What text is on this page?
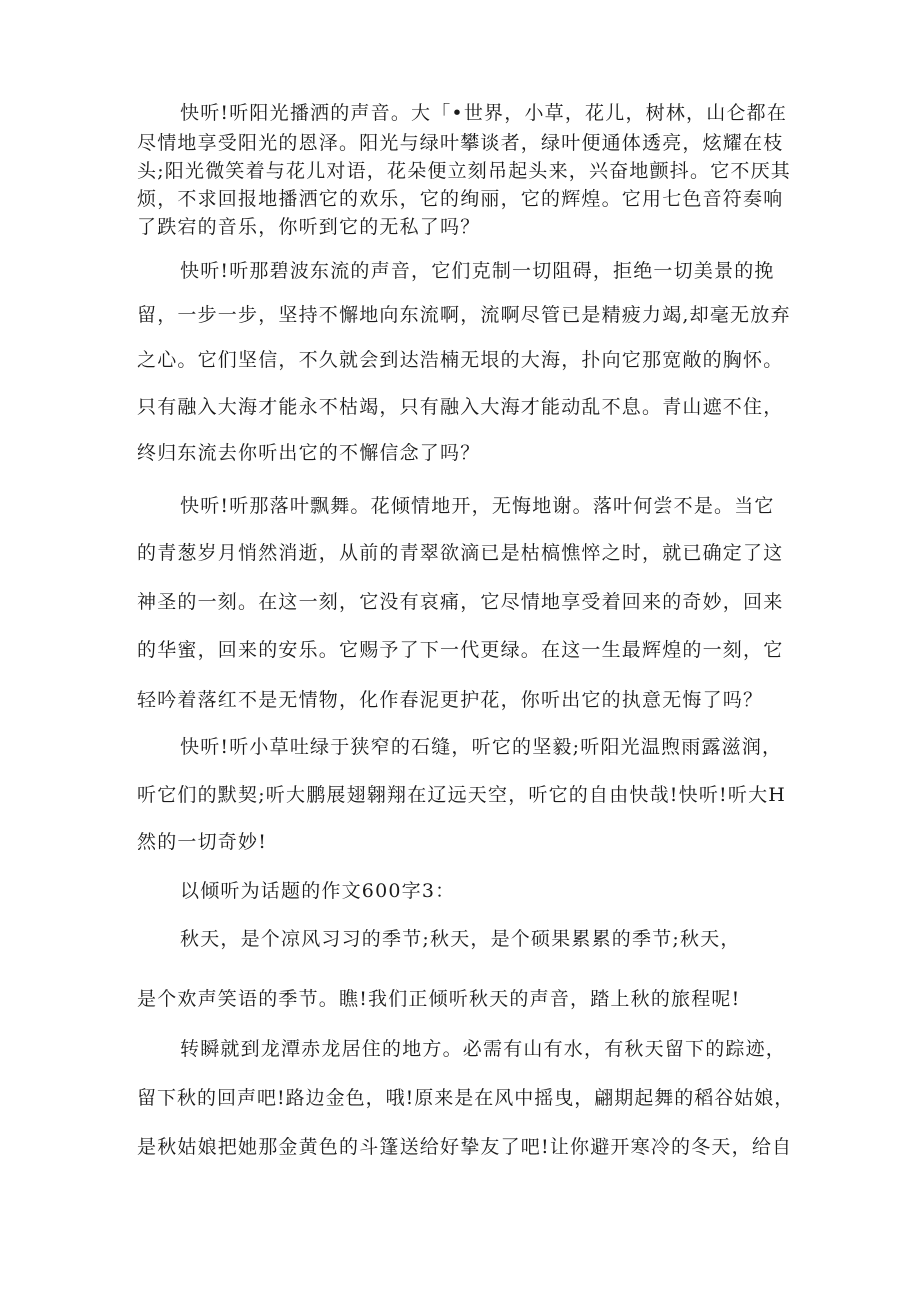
快听!听阳光播洒的声音。大「•世界，小草，花儿，树林，山仑都在
尽情地享受阳光的恩泽。阳光与绿叶攀谈者，绿叶便通体透亮，炫耀在枝
头;阳光微笑着与花儿对语，花朵便立刻吊起头来，兴奋地颤抖。它不厌其
烦，不求回报地播洒它的欢乐，它的绚丽，它的辉煌。它用七色音符奏响
了跌宕的音乐，你听到它的无私了吗？
快听!听那碧波东流的声音，它们克制一切阻碍，拒绝一切美景的挽
留，一步一步，坚持不懈地向东流啊，流啊尽管已是精疲力竭,却毫无放弃
之心。它们坚信，不久就会到达浩楠无垠的大海，扑向它那宽敞的胸怀。
只有融入大海才能永不枯竭，只有融入大海才能动乱不息。青山遮不住，
终归东流去你听出它的不懈信念了吗？
快听!听那落叶飘舞。花倾情地开，无悔地谢。落叶何尝不是。当它
的青葱岁月悄然消逝，从前的青翠欲滴已是枯槁憔悴之时，就已确定了这
神圣的一刻。在这一刻，它没有哀痛，它尽情地享受着回来的奇妙，回来
的华蜜，回来的安乐。它赐予了下一代更绿。在这一生最辉煌的一刻，它
轻吟着落红不是无情物，化作春泥更护花，你听出它的执意无悔了吗？
快听!听小草吐绿于狭窄的石缝，听它的坚毅;听阳光温煦雨露滋润，
听它们的默契;听大鹏展翅翱翔在辽远天空，听它的自由快哉!快听!听大H
然的一切奇妙!
以倾听为话题的作文600字3：
秋天，是个凉风习习的季节;秋天，是个硕果累累的季节;秋天，
是个欢声笑语的季节。瞧!我们正倾听秋天的声音，踏上秋的旅程呢!
转瞬就到龙潭赤龙居住的地方。必需有山有水，有秋天留下的踪迹，
留下秋的回声吧!路边金色，哦!原来是在风中摇曳，翩期起舞的稻谷姑娘，
是秋姑娘把她那金黄色的斗篷送给好挚友了吧!让你避开寒冷的冬天，给自
